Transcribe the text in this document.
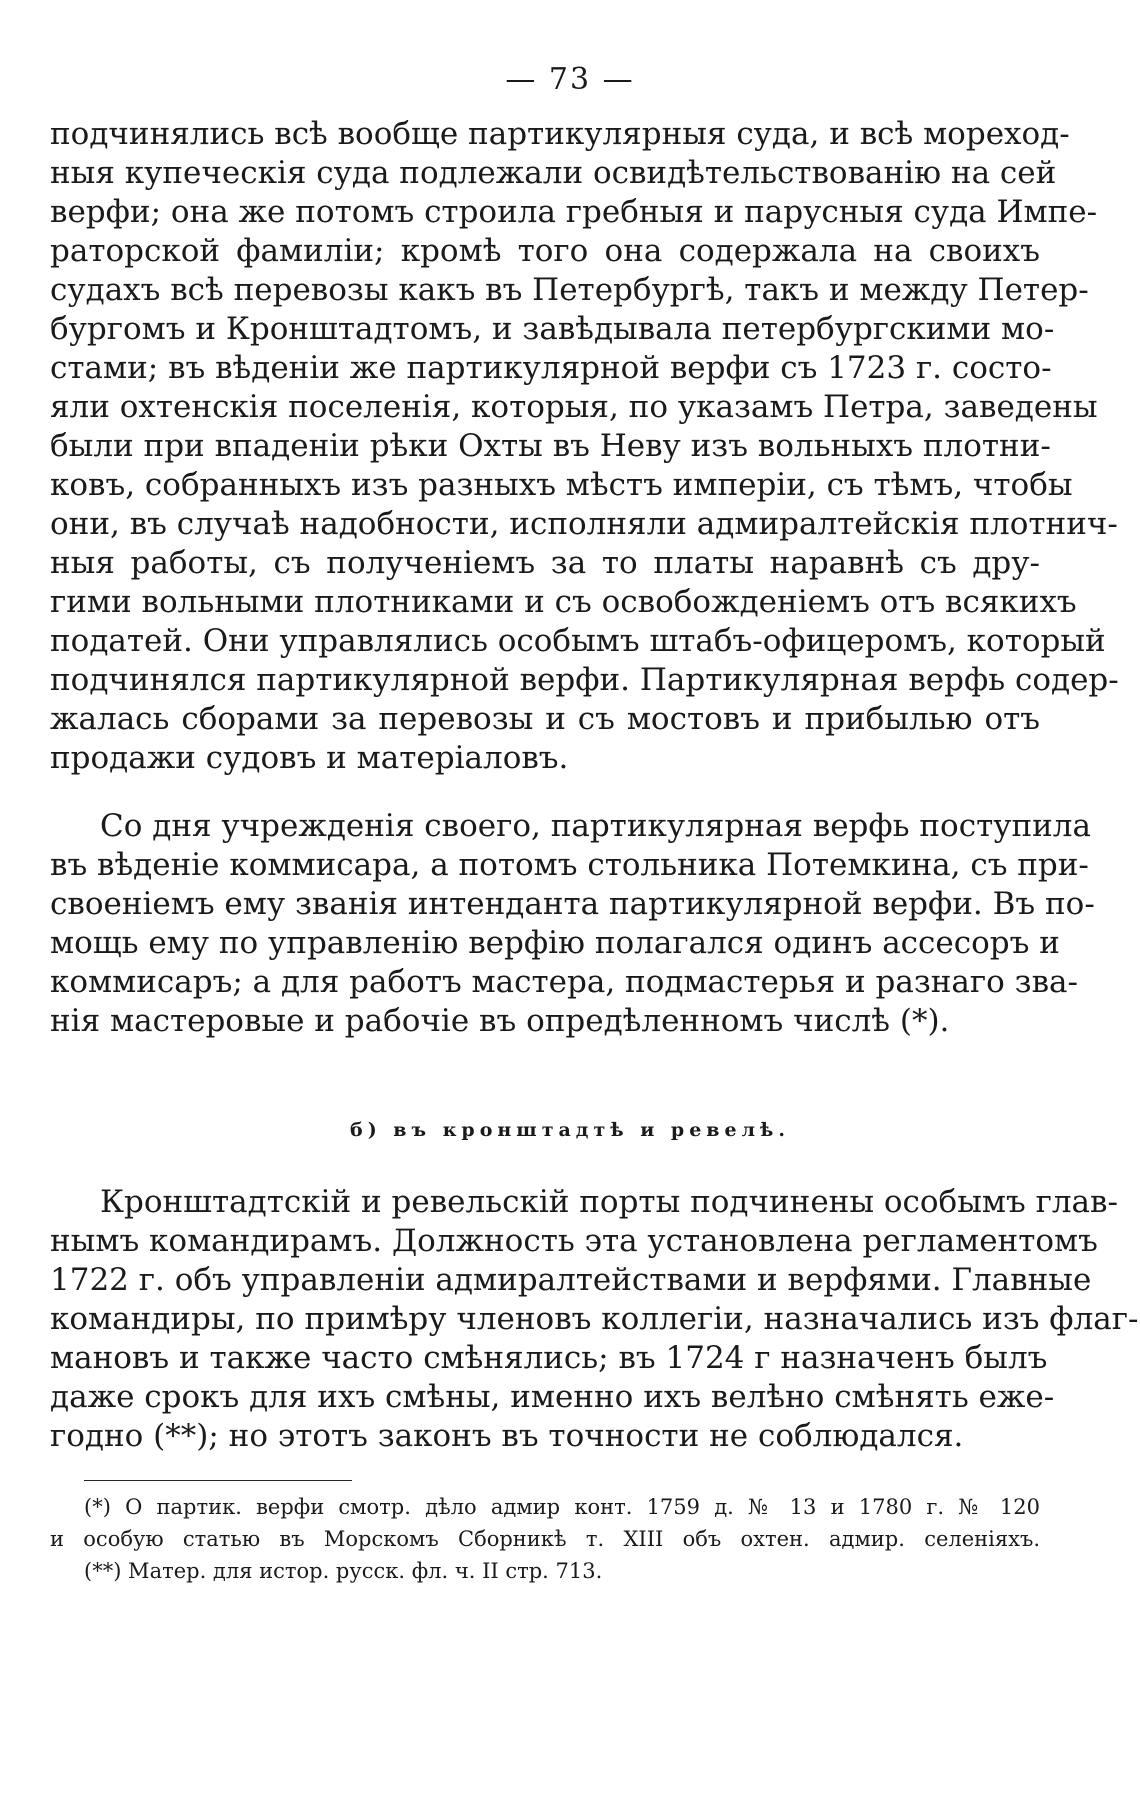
— 73 —
подчинялись всѣ вообще партикулярныя суда, и всѣ мореход-
ныя купеческія суда подлежали освидѣтельствованію на сей
верфи; она же потомъ строила гребныя и парусныя суда Импе-
раторской фамиліи; кромѣ того она содержала на своихъ
судахъ всѣ перевозы какъ въ Петербургѣ, такъ и между Петер-
бургомъ и Кронштадтомъ, и завѣдывала петербургскими мо-
стами; въ вѣденіи же партикулярной верфи съ 1723 г. состо-
яли охтенскія поселенія, которыя, по указамъ Петра, заведены
были при впаденіи рѣки Охты въ Неву изъ вольныхъ плотни-
ковъ, собранныхъ изъ разныхъ мѣстъ имперіи, съ тѣмъ, чтобы
они, въ случаѣ надобности, исполняли адмиралтейскія плотнич-
ныя работы, съ полученіемъ за то платы наравнѣ съ дру-
гими вольными плотниками и съ освобожденіемъ отъ всякихъ
податей. Они управлялись особымъ штабъ-офицеромъ, который
подчинялся партикулярной верфи. Партикулярная верфь содер-
жалась сборами за перевозы и съ мостовъ и прибылью отъ
продажи судовъ и матеріаловъ.
Со дня учрежденія своего, партикулярная верфь поступила
въ вѣденіе коммисара, а потомъ стольника Потемкина, съ при-
своеніемъ ему званія интенданта партикулярной верфи. Въ по-
мощь ему по управленію верфію полагался одинъ ассесоръ и
коммисаръ; а для работъ мастера, подмастерья и разнаго зва-
нія мастеровые и рабочіе въ опредѣленномъ числѣ (*).
б) въ кронштадтѣ и ревелѣ.
Кронштадтскій и ревельскій порты подчинены особымъ глав-
нымъ командирамъ. Должность эта установлена регламентомъ
1722 г. объ управленіи адмиралтействами и верфями. Главные
командиры, по примѣру членовъ коллегіи, назначались изъ флаг-
мановъ и также часто смѣнялись; въ 1724 г назначенъ былъ
даже срокъ для ихъ смѣны, именно ихъ велѣно смѣнять еже-
годно (**); но этотъ законъ въ точности не соблюдался.
(*) О партик. верфи смотр. дѣло адмир конт. 1759 д. № 13 и 1780 г. № 120
и особую статью въ Морскомъ Сборникѣ т. XIII объ охтен. адмир. селеніяхъ.
(**) Матер. для истор. русск. фл. ч. II стр. 713.
